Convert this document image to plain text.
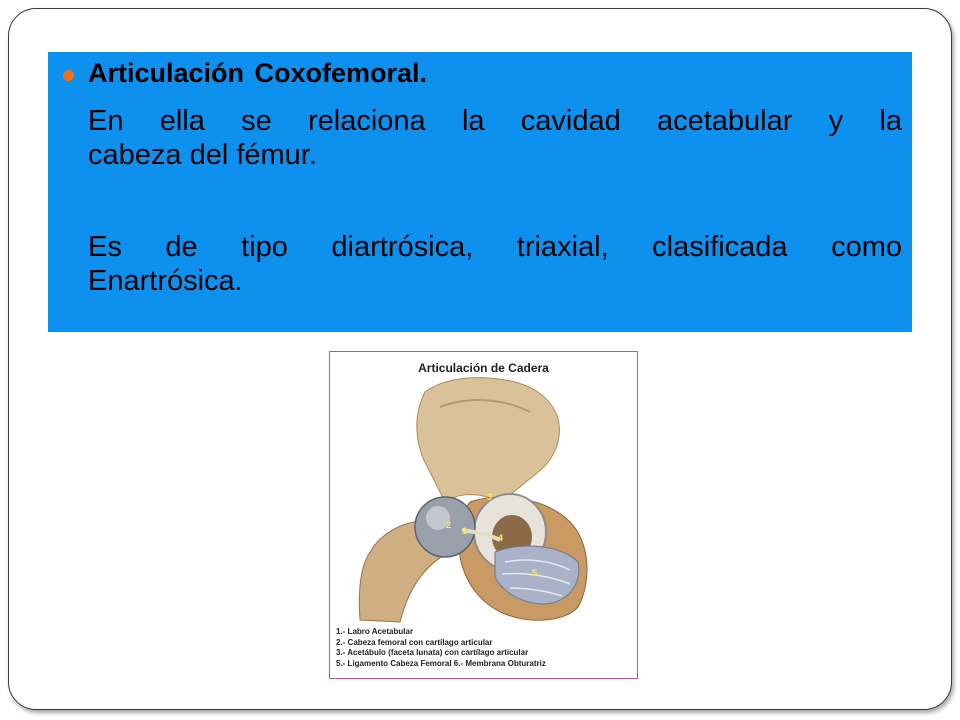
Articulación Coxofemoral.
En ella se relaciona la cavidad acetabular y la
cabeza del fémur.
Es de tipo diartrósica, triaxial, clasificada como
Enartrósica.
1
2
3
4
5
Articulación de Cadera
1.- Labro Acetabular
2.- Cabeza femoral con cartílago articular
3.- Acetábulo (faceta lunata) con cartílago articular
5.- Ligamento Cabeza Femoral 6.- Membrana Obturatriz
